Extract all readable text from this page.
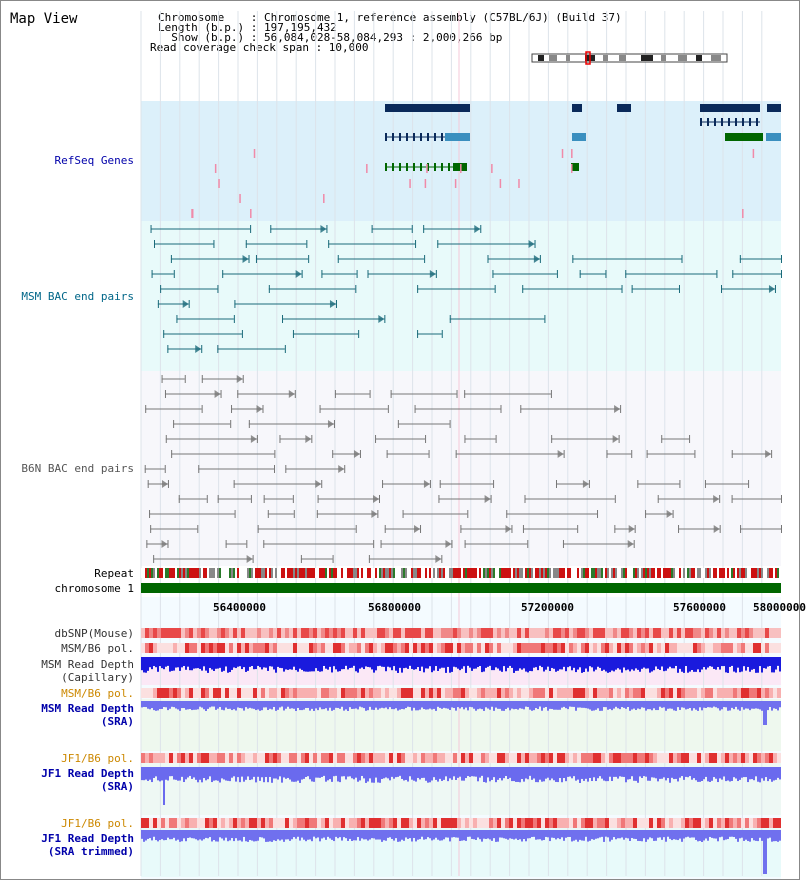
Map View	Chromosome    : Chromosome 1, reference assembly (C57BL/6J) (Build 37)
Length (b.p.) : 197,195,432
Show (b.p.) : 56,084,028-58,084,293 : 2,000,266 bp
Read coverage check span : 10,000
RefSeq Genes
MSM BAC end pairs
B6N BAC end pairs
Repeat
chromosome 1
dbSNP(Mouse)
MSM/B6 pol.
MSM Read Depth
(Capillary)
MSM/B6 pol.
MSM Read Depth
(SRA)
JF1/B6 pol.
JF1 Read Depth
(SRA)
JF1/B6 pol.
JF1 Read Depth
(SRA trimmed)
56400000	56800000	57200000	57600000 58000000
